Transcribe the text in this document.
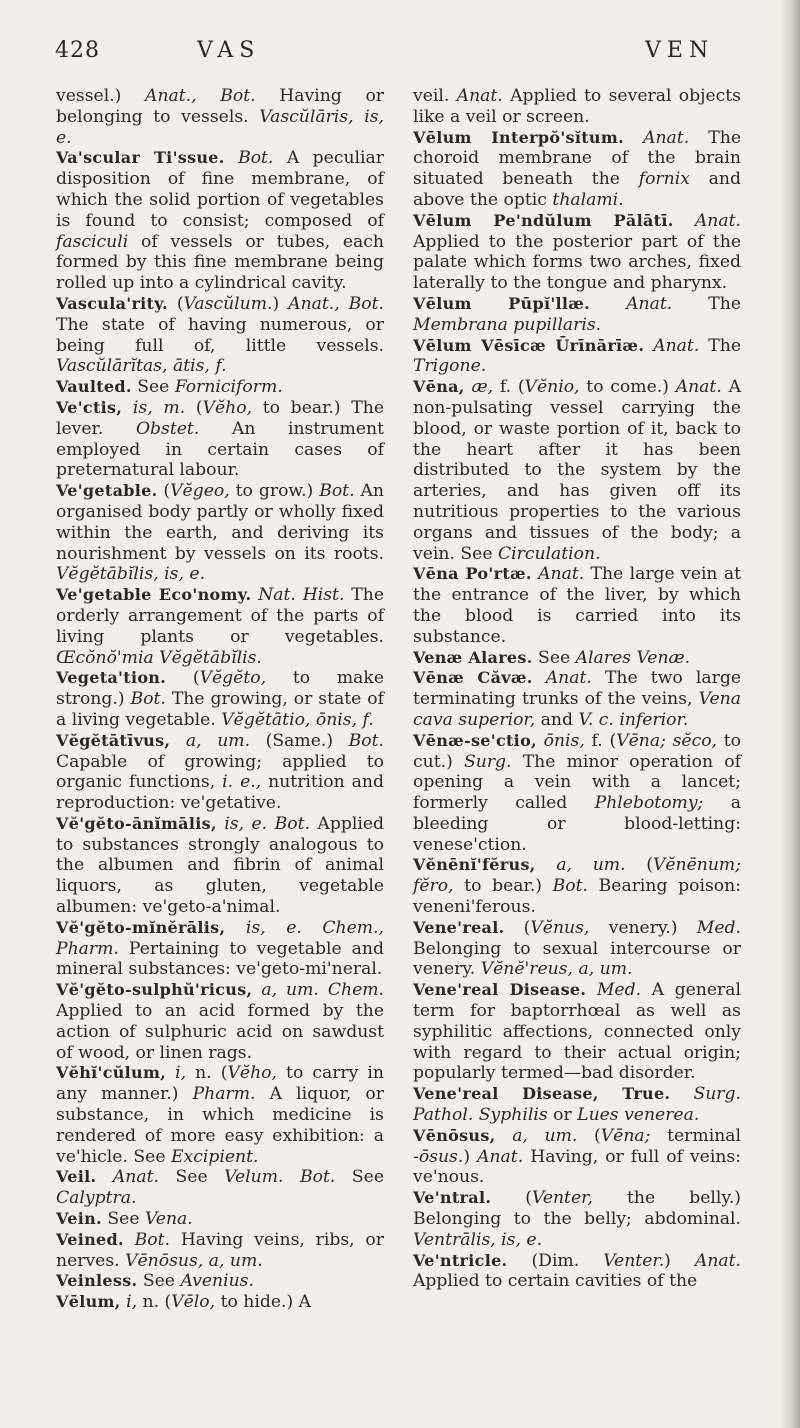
428	VAS	VEN

vessel.) Anat., Bot. Having or belonging to vessels. Vascŭlāris, is, e.

Va'scular Ti'ssue. Bot. A peculiar disposition of fine membrane, of which the solid portion of vegetables is found to consist; composed of fasciculi of vessels or tubes, each formed by this fine membrane being rolled up into a cylindrical cavity.

Vascula'rity. (Vascŭlum.) Anat., Bot. The state of having numerous, or being full of, little vessels. Vascŭlārĭtas, ātis, f.

Vaulted. See Forniciform.

Ve'ctis, is, m. (Vĕho, to bear.) The lever. Obstet. An instrument employed in certain cases of preternatural labour.

Ve'getable. (Vĕgeo, to grow.) Bot. An organised body partly or wholly fixed within the earth, and deriving its nourishment by vessels on its roots. Vĕgĕtābĭlis, is, e.

Ve'getable Eco'nomy. Nat. Hist. The orderly arrangement of the parts of living plants or vegetables. Œcŏnŏ'mia Vĕgĕtābĭlis.

Vegeta'tion. (Vĕgĕto, to make strong.) Bot. The growing, or state of a living vegetable. Vĕgĕtātio, ōnis, f.

Vĕgĕtātīvus, a, um. (Same.) Bot. Capable of growing; applied to organic functions, i. e., nutrition and reproduction: ve'getative.

Vĕ'gĕto-ānĭmālis, is, e. Bot. Applied to substances strongly analogous to the albumen and fibrin of animal liquors, as gluten, vegetable albumen: ve'geto-a'nimal.

Vĕ'gĕto-mĭnĕrālis, is, e. Chem., Pharm. Pertaining to vegetable and mineral substances: ve'geto-mi'neral.

Vĕ'gĕto-sulphŭ'ricus, a, um. Chem. Applied to an acid formed by the action of sulphuric acid on sawdust of wood, or linen rags.

Vĕhĭ'cŭlum, i, n. (Vĕho, to carry in any manner.) Pharm. A liquor, or substance, in which medicine is rendered of more easy exhibition: a ve'hicle. See Excipient.

Veil. Anat. See Velum. Bot. See Calyptra.

Vein. See Vena.

Veined. Bot. Having veins, ribs, or nerves. Vēnōsus, a, um.

Veinless. See Avenius.

Vēlum, i, n. (Vēlo, to hide.) A

veil. Anat. Applied to several objects like a veil or screen.

Vēlum Interpŏ'sĭtum. Anat. The choroid membrane of the brain situated beneath the fornix and above the optic thalami.

Vēlum Pe'ndŭlum Pālātī. Anat. Applied to the posterior part of the palate which forms two arches, fixed laterally to the tongue and pharynx.

Vēlum Pūpĭ'llæ. Anat. The Membrana pupillaris.

Vēlum Vēsīcæ Ūrīnārīæ. Anat. The Trigone.

Vēna, æ, f. (Vĕnio, to come.) Anat. A non-pulsating vessel carrying the blood, or waste portion of it, back to the heart after it has been distributed to the system by the arteries, and has given off its nutritious properties to the various organs and tissues of the body; a vein. See Circulation.

Vēna Po'rtæ. Anat. The large vein at the entrance of the liver, by which the blood is carried into its substance.

Venæ Alares. See Alares Venæ.

Vēnæ Căvæ. Anat. The two large terminating trunks of the veins, Vena cava superior, and V. c. inferior.

Vēnæ-se'ctio, ōnis, f. (Vēna; sĕco, to cut.) Surg. The minor operation of opening a vein with a lancet; formerly called Phlebotomy; a bleeding or blood-letting: venese'ction.

Vĕnēnĭ'fĕrus, a, um. (Vĕnēnum; fĕro, to bear.) Bot. Bearing poison: veneni'ferous.

Vene'real. (Vĕnus, venery.) Med. Belonging to sexual intercourse or venery. Vĕnĕ'reus, a, um.

Vene'real Disease. Med. A general term for baptorrhœal as well as syphilitic affections, connected only with regard to their actual origin; popularly termed—bad disorder.

Vene'real Disease, True. Surg. Pathol. Syphilis or Lues venerea.

Vēnōsus, a, um. (Vēna; terminal -ōsus.) Anat. Having, or full of veins: ve'nous.

Ve'ntral. (Venter, the belly.) Belonging to the belly; abdominal. Ventrālis, is, e.

Ve'ntricle. (Dim. Venter.) Anat. Applied to certain cavities of the
